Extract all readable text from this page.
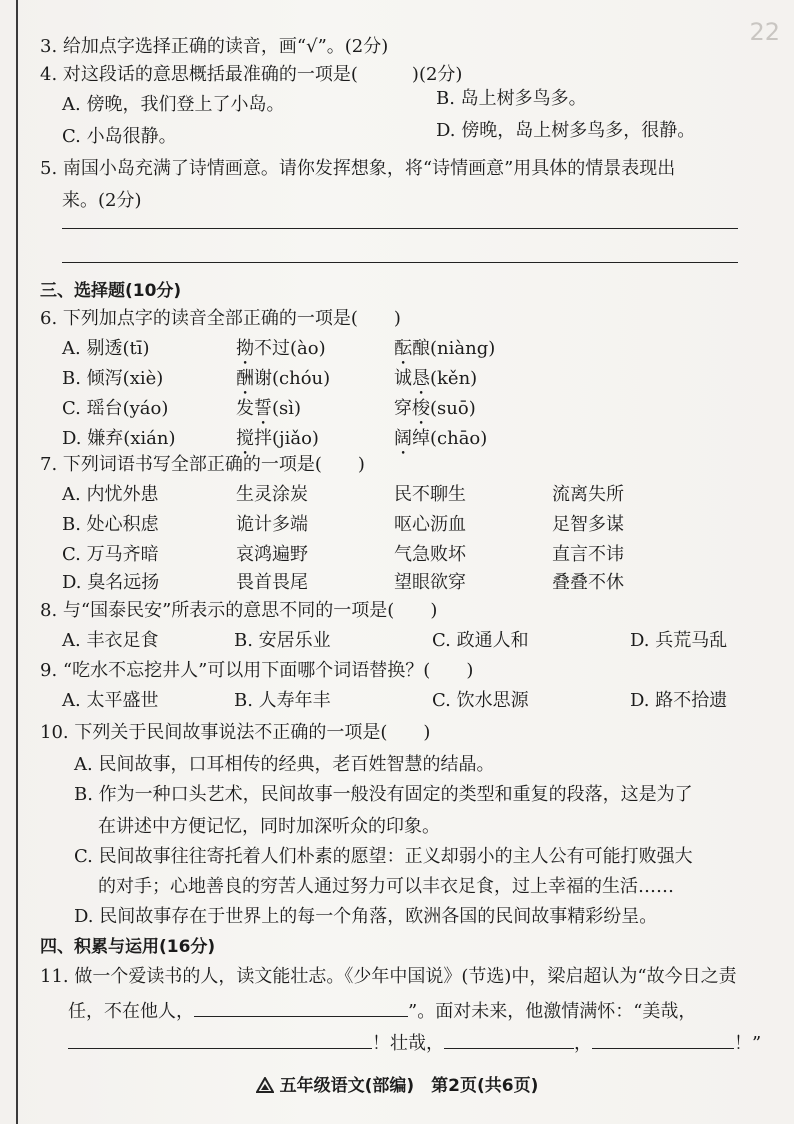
22
3. 给加点字选择正确的读音，画“√”。(2分)
4. 对这段话的意思概括最准确的一项是(　　　)(2分)
A. 傍晚，我们登上了小岛。	B. 岛上树多鸟多。
C. 小岛很静。	D. 傍晚，岛上树多鸟多，很静。
5. 南国小岛充满了诗情画意。请你发挥想象，将“诗情画意”用具体的情景表现出
来。(2分)
三、选择题(10分)
6. 下列加点字的读音全部正确的一项是(　　)
A. 剔透(tī)	拗不过(ào)	酝酿(niàng)
B. 倾泻(xiè)	酬谢(chóu)	诚恳(kěn)
C. 瑶台(yáo)	发誓(sì)	穿梭(suō)
D. 嫌弃(xián)	搅拌(jiǎo)	阔绰(chāo)
7. 下列词语书写全部正确的一项是(　　)
A. 内忧外患	生灵涂炭	民不聊生	流离失所
B. 处心积虑	诡计多端	呕心沥血	足智多谋
C. 万马齐暗	哀鸿遍野	气急败坏	直言不讳
D. 臭名远扬	畏首畏尾	望眼欲穿	叠叠不休
8. 与“国泰民安”所表示的意思不同的一项是(　　)
A. 丰衣足食	B. 安居乐业	C. 政通人和	D. 兵荒马乱
9. “吃水不忘挖井人”可以用下面哪个词语替换？(　　)
A. 太平盛世	B. 人寿年丰	C. 饮水思源	D. 路不拾遗
10. 下列关于民间故事说法不正确的一项是(　　)
A. 民间故事，口耳相传的经典，老百姓智慧的结晶。
B. 作为一种口头艺术，民间故事一般没有固定的类型和重复的段落，这是为了
在讲述中方便记忆，同时加深听众的印象。
C. 民间故事往往寄托着人们朴素的愿望：正义却弱小的主人公有可能打败强大
的对手；心地善良的穷苦人通过努力可以丰衣足食，过上幸福的生活……
D. 民间故事存在于世界上的每一个角落，欧洲各国的民间故事精彩纷呈。
四、积累与运用(16分)
11. 做一个爱读书的人，读文能壮志。《少年中国说》(节选)中，梁启超认为“故今日之责
任，不在他人，	”。面对未来，他激情满怀：“美哉，
！壮哉，	，	！”
五年级语文(部编)　第2页(共6页)
